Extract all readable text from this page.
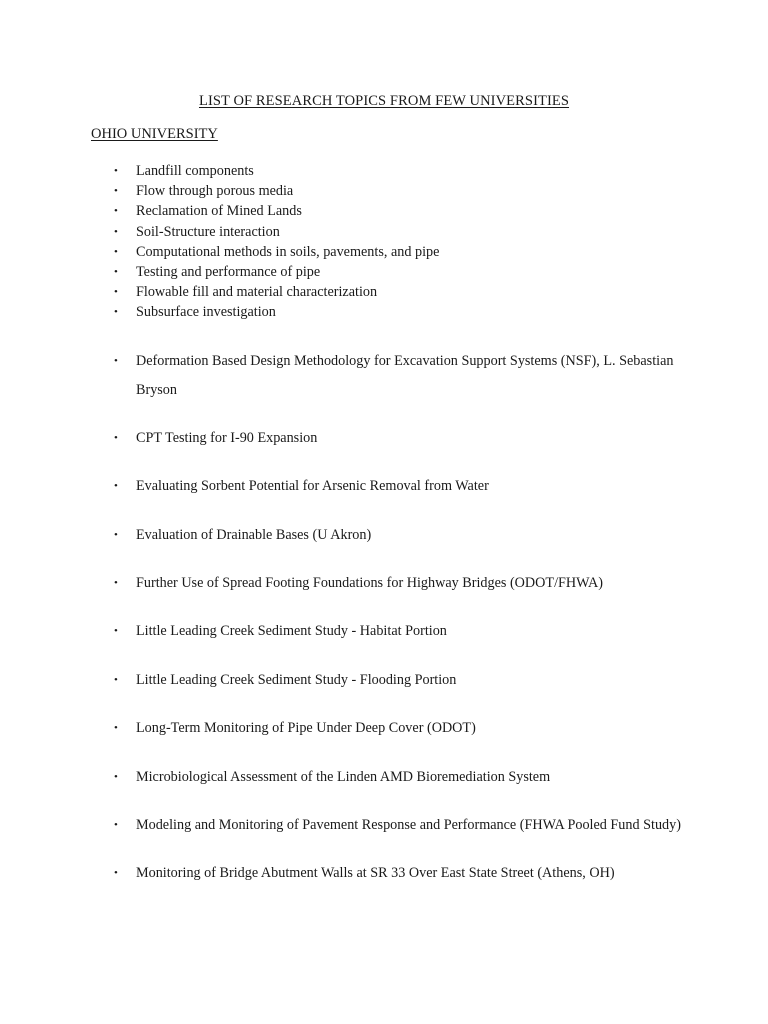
LIST OF RESEARCH TOPICS FROM FEW UNIVERSITIES
OHIO UNIVERSITY
• Landfill components
• Flow through porous media
• Reclamation of Mined Lands
• Soil-Structure interaction
• Computational methods in soils, pavements, and pipe
• Testing and performance of pipe
• Flowable fill and material characterization
• Subsurface investigation
• Deformation Based Design Methodology for Excavation Support Systems (NSF), L. Sebastian Bryson
• CPT Testing for I-90 Expansion
• Evaluating Sorbent Potential for Arsenic Removal from Water
• Evaluation of Drainable Bases (U Akron)
• Further Use of Spread Footing Foundations for Highway Bridges (ODOT/FHWA)
• Little Leading Creek Sediment Study - Habitat Portion
• Little Leading Creek Sediment Study - Flooding Portion
• Long-Term Monitoring of Pipe Under Deep Cover (ODOT)
• Microbiological Assessment of the Linden AMD Bioremediation System
• Modeling and Monitoring of Pavement Response and Performance (FHWA Pooled Fund Study)
• Monitoring of Bridge Abutment Walls at SR 33 Over East State Street (Athens, OH)
